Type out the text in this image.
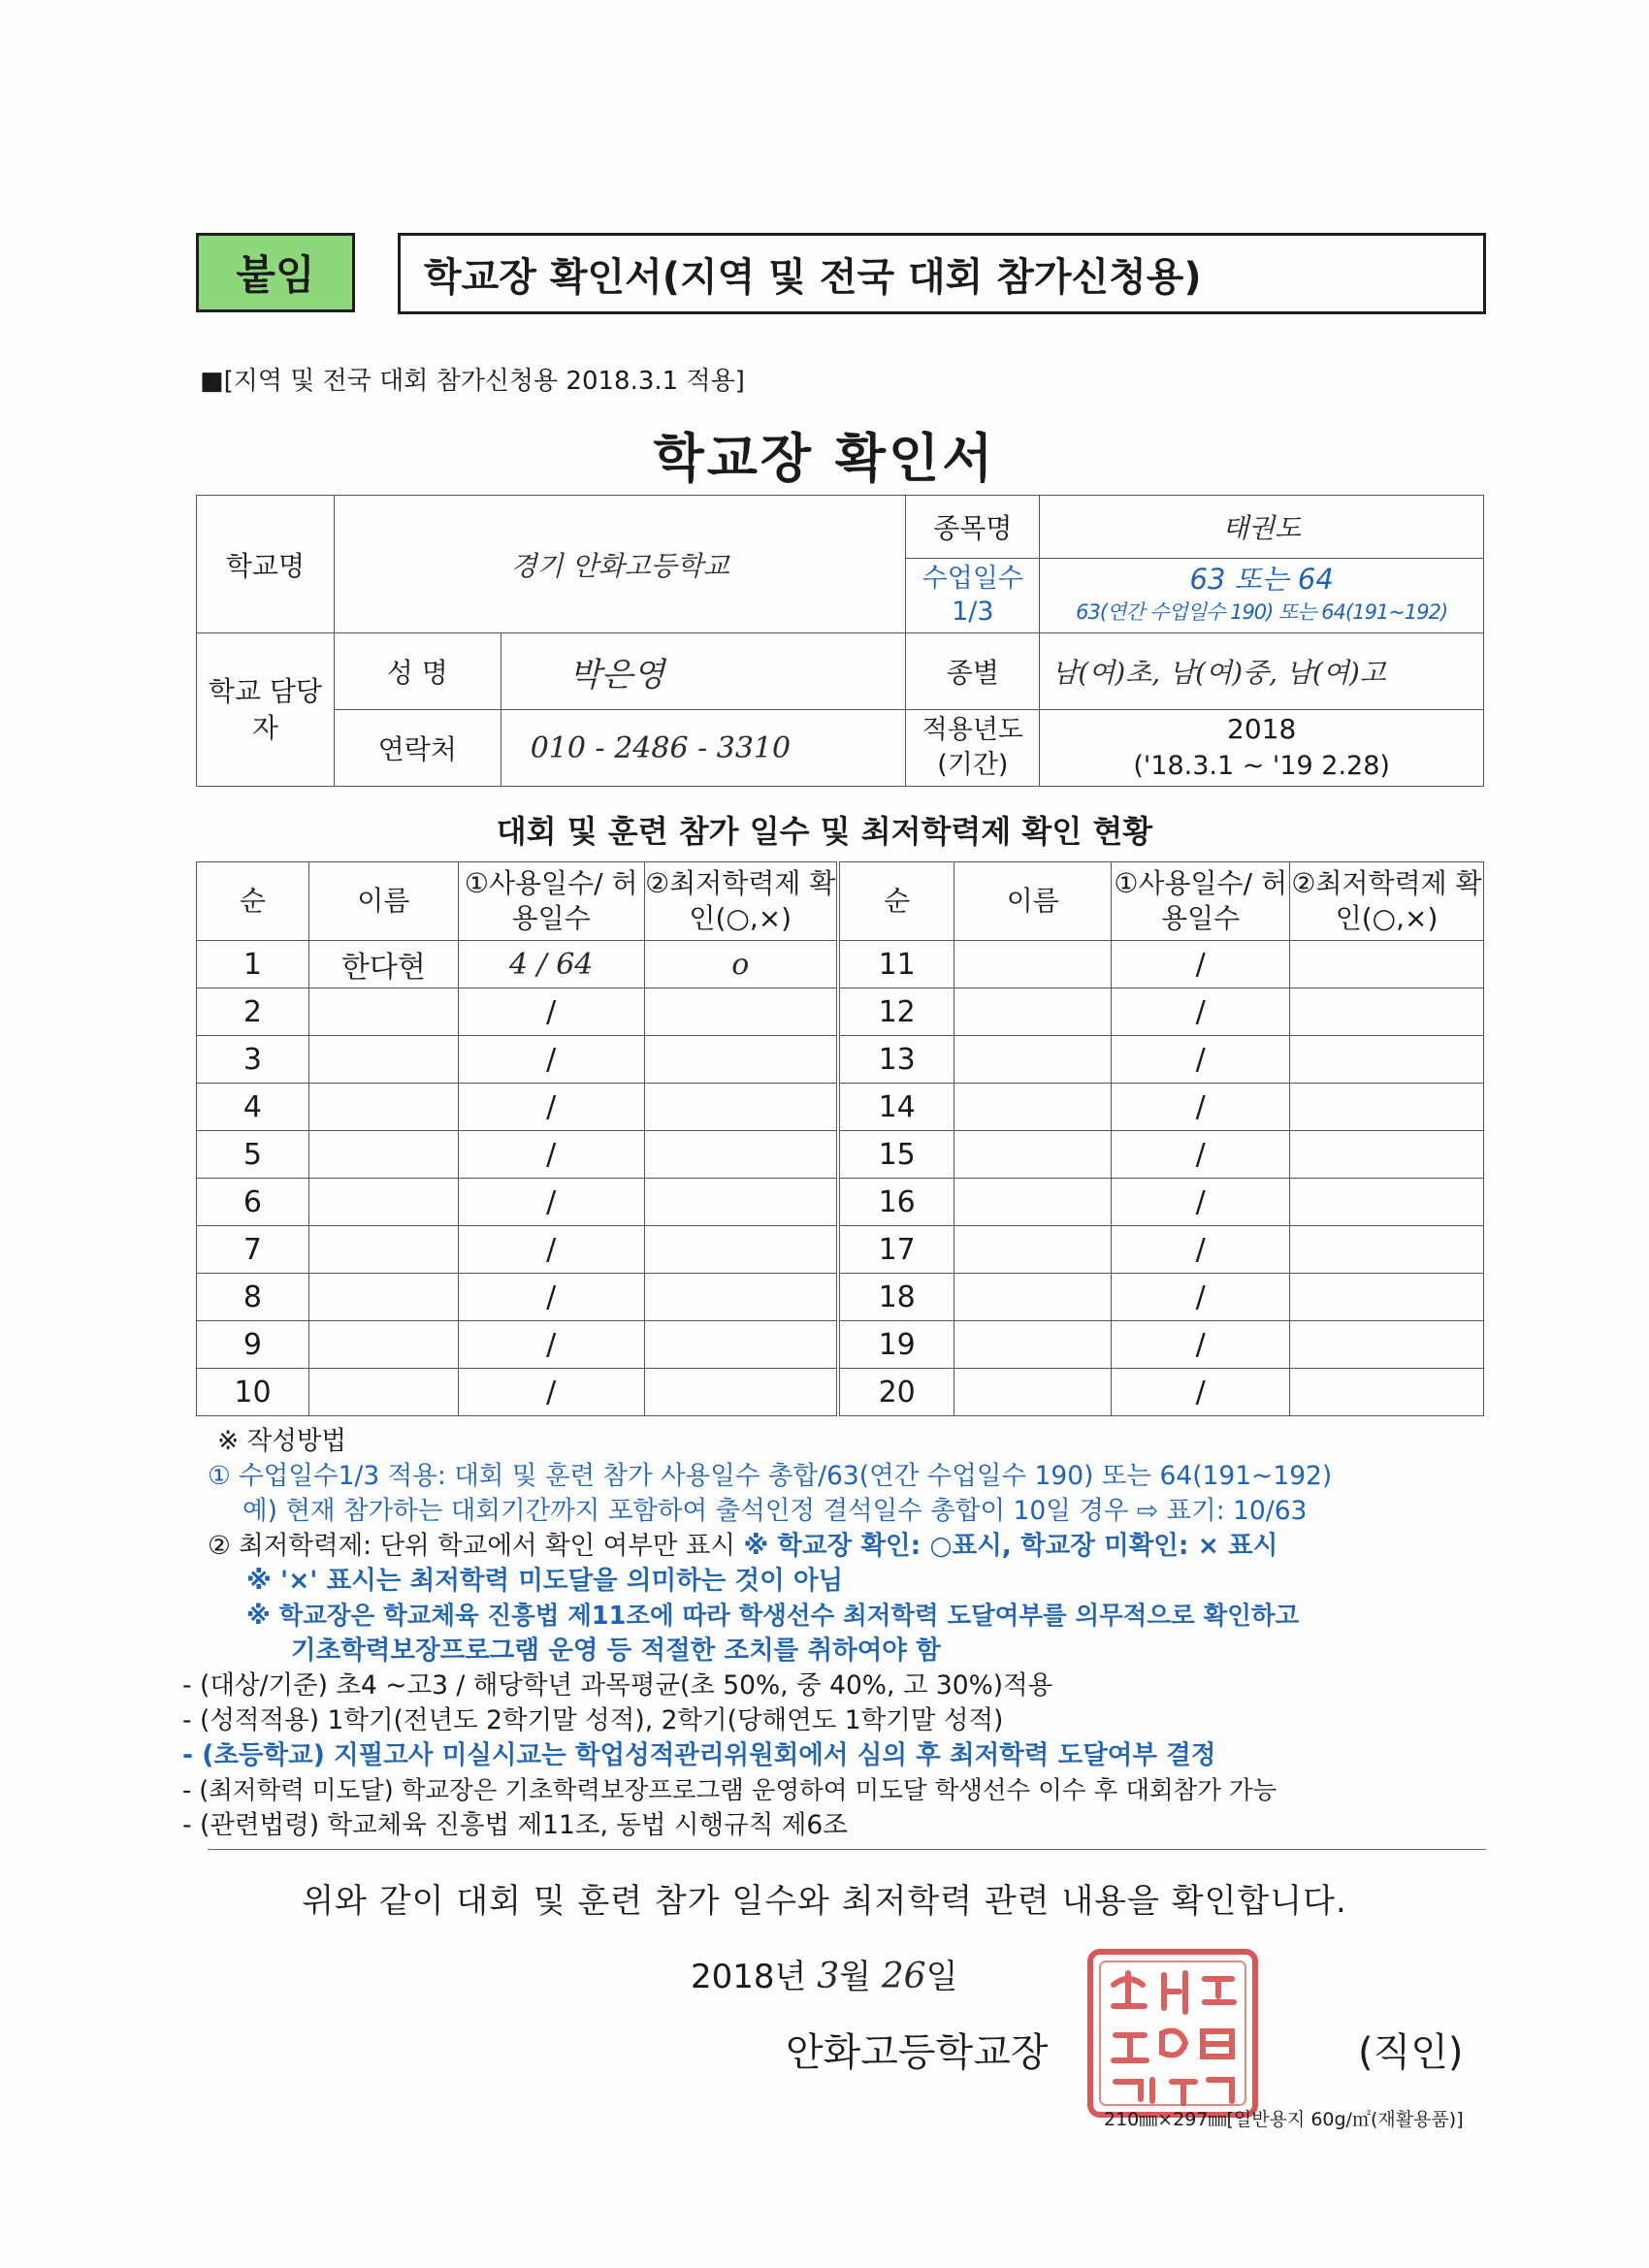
붙임	학교장 확인서(지역 및 전국 대회 참가신청용)
■[지역 및 전국 대회 참가신청용 2018.3.1 적용]
학교장 확인서
학교명	경기 안화고등학교		종목명	태권도
			수업일수 1/3	63 또는 64
63(연간 수업일수 190) 또는 64(191~192)

학교 담당자	성 명	박은영	종별	남(여)초, 남(여)중, 남(여)고
	연락처	010 - 2486 - 3310	적용년도 (기간)	2018
('18.3.1 ~ '19 2.28)
대회 및 훈련 참가 일수 및 최저학력제 확인 현황
순	이름	①사용일수/ 허용일수	②최저학력제 확인(○,×)	순	이름	①사용일수/ 허용일수	②최저학력제 확인(○,×)
1	한다현	4 / 64	o	11		/	
2		/		12		/	
3		/		13		/	
4		/		14		/	
5		/		15		/	
6		/		16		/	
7		/		17		/	
8		/		18		/	
9		/		19		/	
10		/		20		/	
※ 작성방법
① 수업일수1/3 적용: 대회 및 훈련 참가 사용일수 총합/63(연간 수업일수 190) 또는 64(191~192)
예) 현재 참가하는 대회기간까지 포함하여 출석인정 결석일수 총합이 10일 경우 ⇨ 표기: 10/63
② 최저학력제: 단위 학교에서 확인 여부만 표시 ※ 학교장 확인: ○표시, 학교장 미확인: × 표시
※ '×' 표시는 최저학력 미도달을 의미하는 것이 아님
※ 학교장은 학교체육 진흥법 제11조에 따라 학생선수 최저학력 도달여부를 의무적으로 확인하고
기초학력보장프로그램 운영 등 적절한 조치를 취하여야 함
- (대상/기준) 초4 ~고3 / 해당학년 과목평균(초 50%, 중 40%, 고 30%)적용
- (성적적용) 1학기(전년도 2학기말 성적), 2학기(당해연도 1학기말 성적)
- (초등학교) 지필고사 미실시교는 학업성적관리위원회에서 심의 후 최저학력 도달여부 결정
- (최저학력 미도달) 학교장은 기초학력보장프로그램 운영하여 미도달 학생선수 이수 후 대회참가 가능
- (관련법령) 학교체육 진흥법 제11조, 동법 시행규칙 제6조
위와 같이 대회 및 훈련 참가 일수와 최저학력 관련 내용을 확인합니다.
2018년 3월 26일
안화고등학교장	(직인)
210㎜×297㎜[일반용지 60g/㎡(재활용품)]
